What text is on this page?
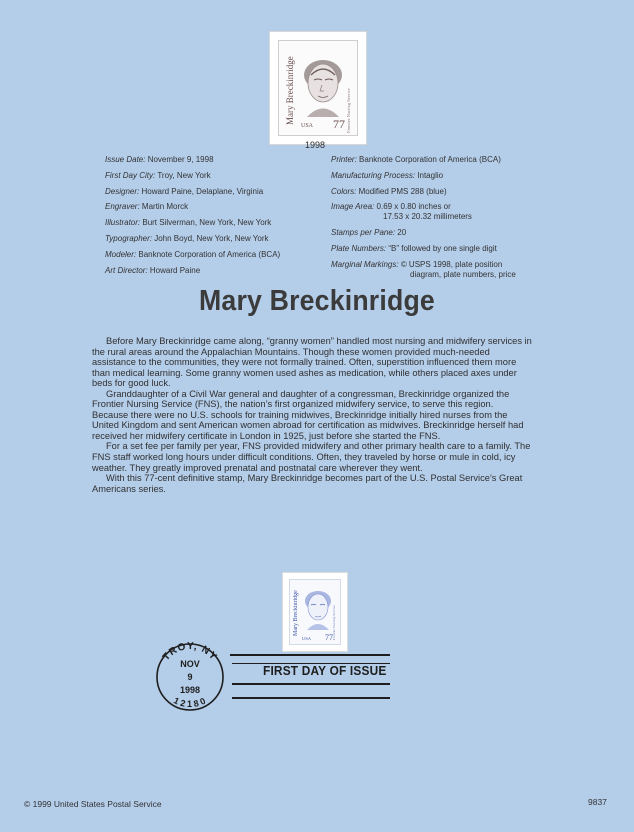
Mary Breckinridge	Frontier Nursing Service
USA 77
1998
Issue Date: November 9, 1998
First Day City: Troy, New York
Designer: Howard Paine, Delaplane, Virginia
Engraver: Martin Morck
Illustrator: Burt Silverman, New York, New York
Typographer: John Boyd, New York, New York
Modeler: Banknote Corporation of America (BCA)
Art Director: Howard Paine
Printer: Banknote Corporation of America (BCA)
Manufacturing Process: Intaglio
Colors: Modified PMS 288 (blue)
Image Area: 0.69 x 0.80 inches or
17.53 x 20.32 millimeters
Stamps per Pane: 20
Plate Numbers: “B” followed by one single digit
Marginal Markings: © USPS 1998, plate position
diagram, plate numbers, price
Mary Breckinridge

Before Mary Breckinridge came along, “granny women” handled most nursing and midwifery services in the rural areas around the Appalachian Mountains. Though these women provided much-needed assistance to the communities, they were not formally trained. Often, superstition influenced them more than medical learning. Some granny women used ashes as medication, while others placed axes under beds for good luck.

Granddaughter of a Civil War general and daughter of a congressman, Breckinridge organized the Frontier Nursing Service (FNS), the nation’s first organized midwifery service, to serve this region. Because there were no U.S. schools for training midwives, Breckinridge initially hired nurses from the United Kingdom and sent American women abroad for certification as midwives. Breckinridge herself had received her midwifery certificate in London in 1925, just before she started the FNS.

For a set fee per family per year, FNS provided midwifery and other primary health care to a family. The FNS staff worked long hours under difficult conditions. Often, they traveled by horse or mule in cold, icy weather. They greatly improved prenatal and postnatal care wherever they went.

With this 77-cent definitive stamp, Mary Breckinridge becomes part of the U.S. Postal Service’s Great Americans series.

Mary Breckinridge	Frontier Nursing Service
USA 77
TROY, NY
12180
NOV
9
1998
FIRST DAY OF ISSUE
© 1999 United States Postal Service	9837
